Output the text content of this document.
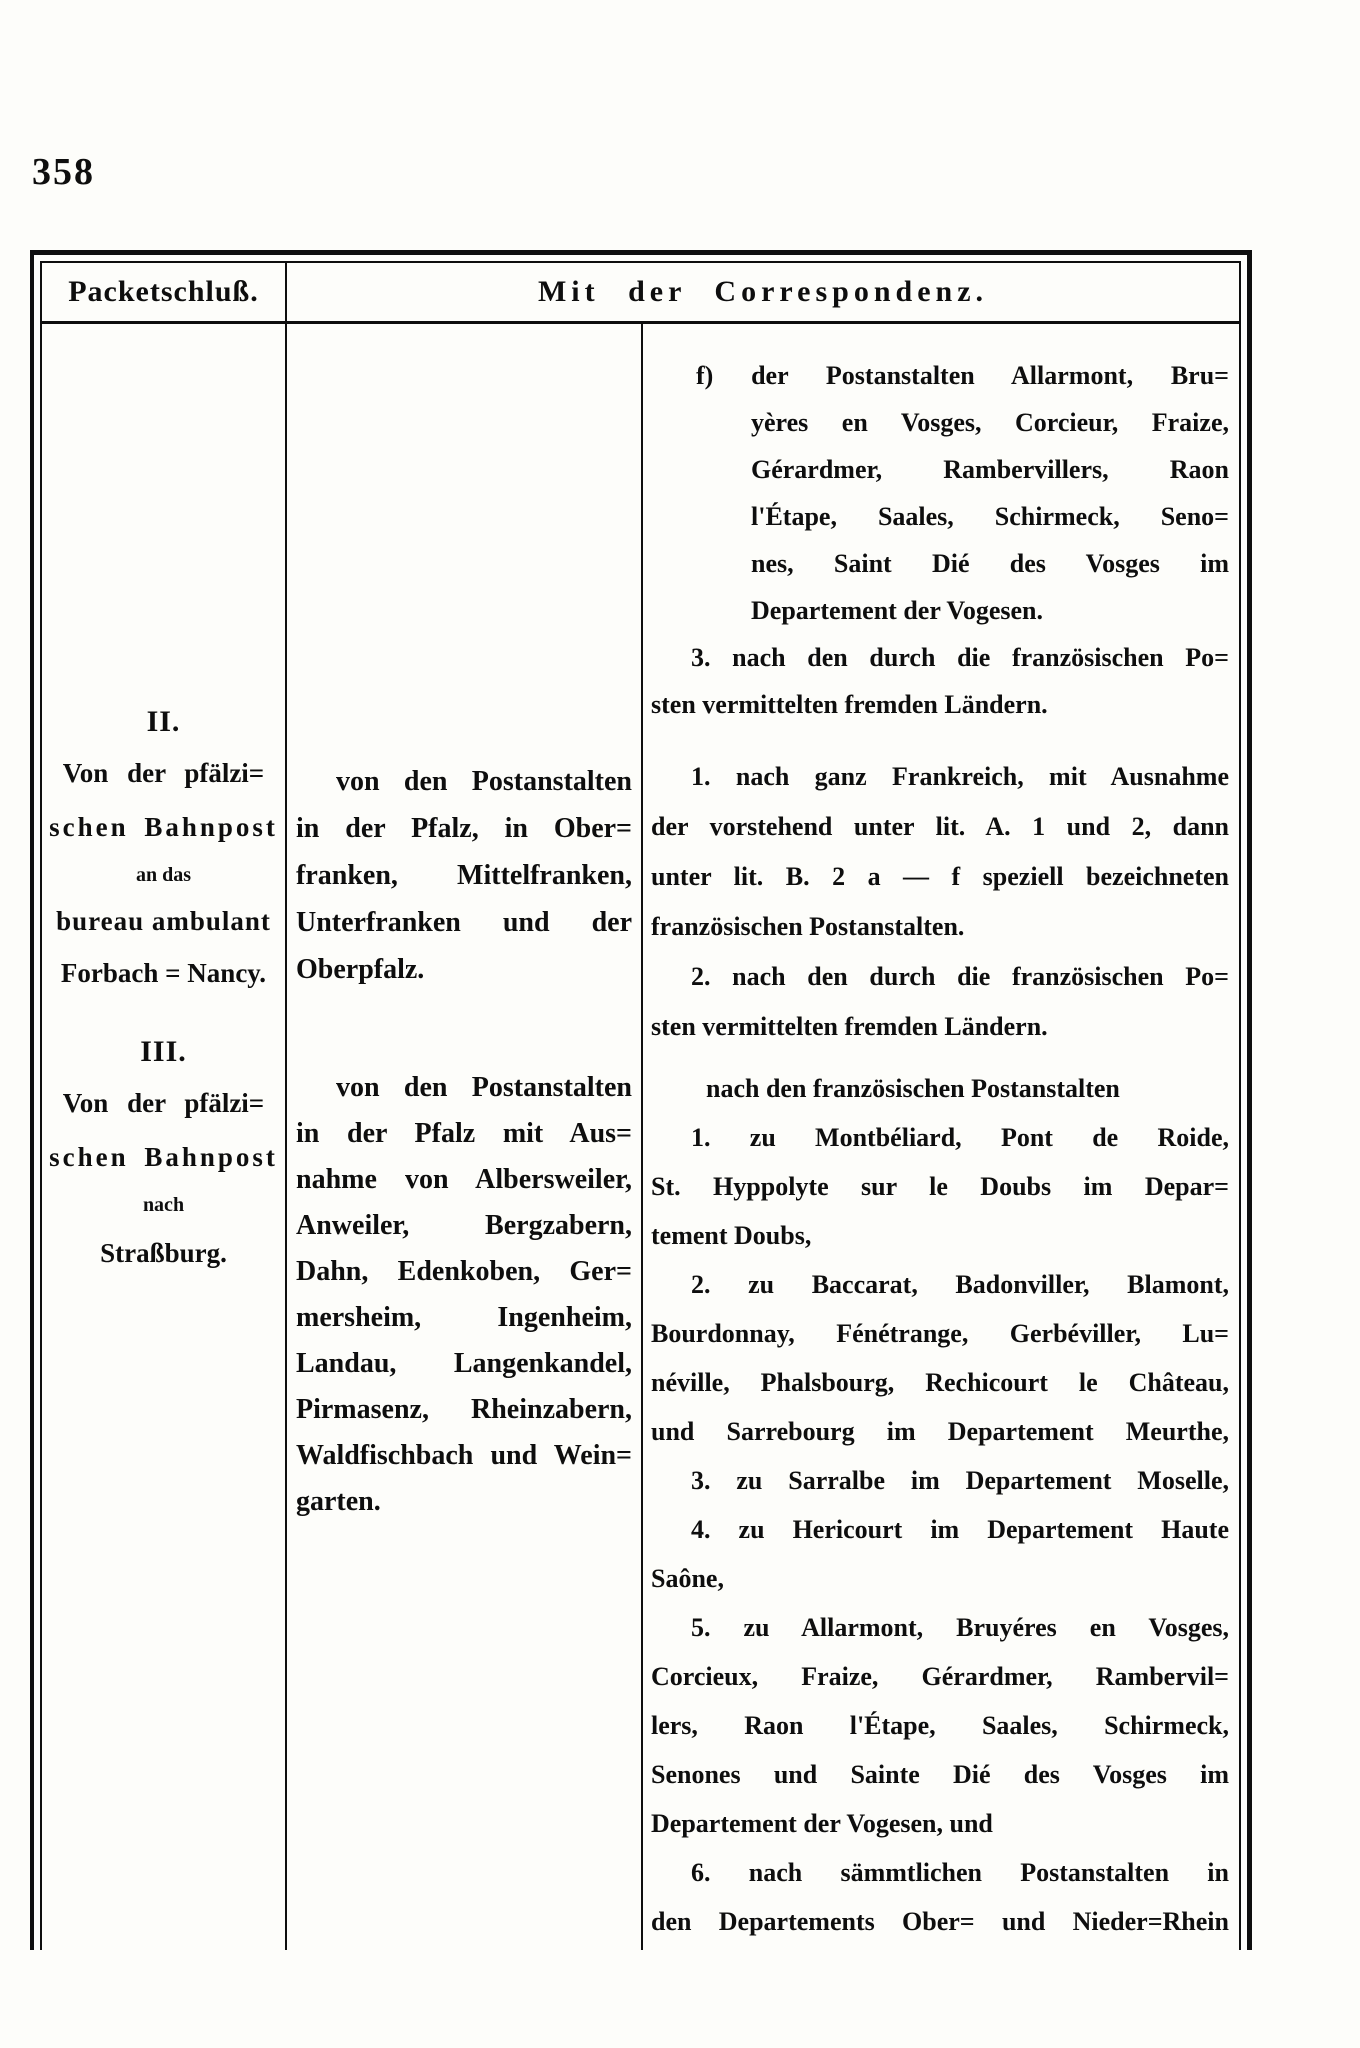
358
Packetschluß.	Mit der Correspondenz.
II.
Von der pfälzi=
schen Bahnpost
an das
bureau ambulant
Forbach = Nancy.
III.
Von der pfälzi=
schen Bahnpost
nach
Straßburg.
von den Postanstalten
in der Pfalz, in Ober=
franken, Mittelfranken,
Unterfranken und der
Oberpfalz.
von den Postanstalten
in der Pfalz mit Aus=
nahme von Albersweiler,
Anweiler, Bergzabern,
Dahn, Edenkoben, Ger=
mersheim, Ingenheim,
Landau, Langenkandel,
Pirmasenz, Rheinzabern,
Waldfischbach und Wein=
garten.
f) der Postanstalten Allarmont, Bru=
yères en Vosges, Corcieur, Fraize,
Gérardmer, Rambervillers, Raon
l'Étape, Saales, Schirmeck, Seno=
nes, Saint Dié des Vosges im
Departement der Vogesen.
3. nach den durch die französischen Po=
sten vermittelten fremden Ländern.
1. nach ganz Frankreich, mit Ausnahme
der vorstehend unter lit. A. 1 und 2, dann
unter lit. B. 2 a — f speziell bezeichneten
französischen Postanstalten.
2. nach den durch die französischen Po=
sten vermittelten fremden Ländern.
nach den französischen Postanstalten
1. zu Montbéliard, Pont de Roide,
St. Hyppolyte sur le Doubs im Depar=
tement Doubs,
2. zu Baccarat, Badonviller, Blamont,
Bourdonnay, Fénétrange, Gerbéviller, Lu=
néville, Phalsbourg, Rechicourt le Château,
und Sarrebourg im Departement Meurthe,
3. zu Sarralbe im Departement Moselle,
4. zu Hericourt im Departement Haute
Saône,
5. zu Allarmont, Bruyéres en Vosges,
Corcieux, Fraize, Gérardmer, Rambervil=
lers, Raon l'Étape, Saales, Schirmeck,
Senones und Sainte Dié des Vosges im
Departement der Vogesen, und
6. nach sämmtlichen Postanstalten in
den Departements Ober= und Nieder=Rhein
